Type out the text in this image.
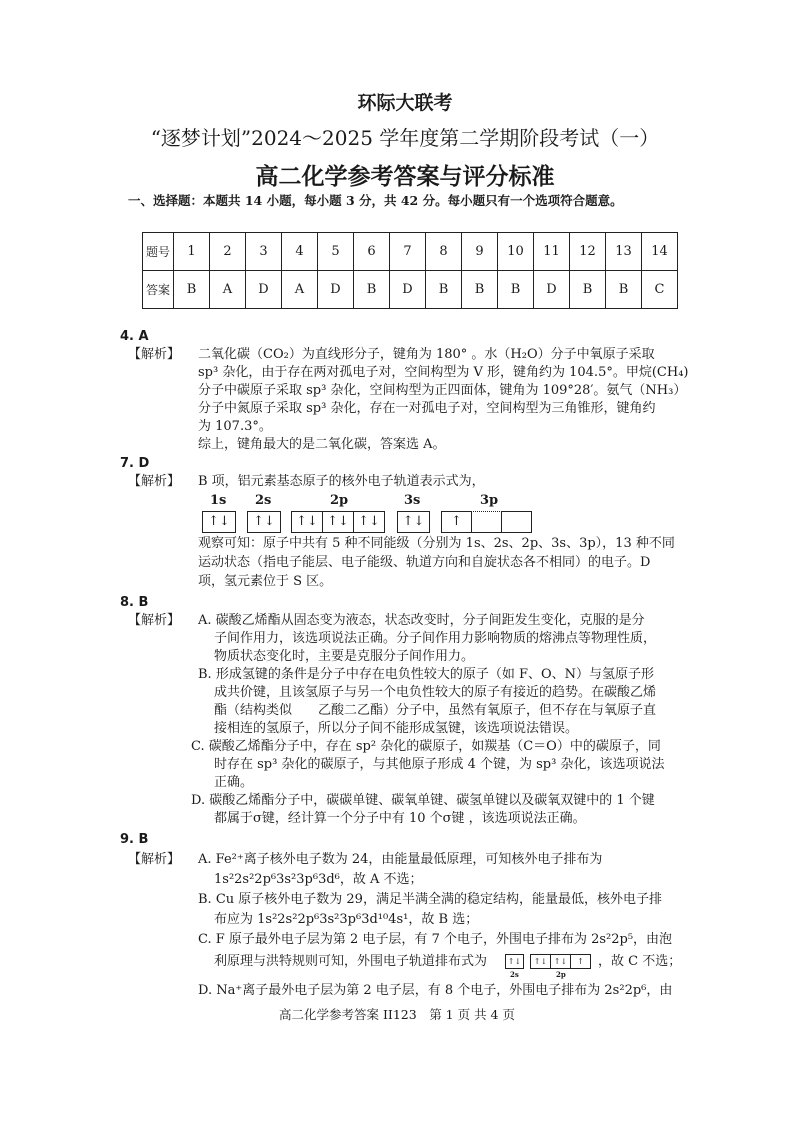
环际大联考
“逐梦计划”2024～2025 学年度第二学期阶段考试（一）
高二化学参考答案与评分标准
一、选择题：本题共 14 小题，每小题 3 分，共 42 分。每小题只有一个选项符合题意。
题号	1	2	3	4	5	6	7	8	9	10	11	12	13	14
答案	B	A	D	A	D	B	D	B	B	B	D	B	B	C
4. A
【解析】 二氧化碳（CO₂）为直线形分子，键角为 180° 。水（H₂O）分子中氧原子采取
sp³ 杂化，由于存在两对孤电子对，空间构型为 V 形，键角约为 104.5°。甲烷(CH₄)
分子中碳原子采取 sp³ 杂化，空间构型为正四面体，键角为 109°28′。氨气（NH₃）
分子中氮原子采取 sp³ 杂化，存在一对孤电子对，空间构型为三角锥形，键角约
为 107.3°。
综上，键角最大的是二氧化碳，答案选 A。
7. D
【解析】 B 项，铝元素基态原子的核外电子轨道表示式为，
1s 2s	2p	3s	3p
↑↓	↑↓	↑↓ ↑↓ ↑↓	↑↓	↑
观察可知：原子中共有 5 种不同能级（分别为 1s、2s、2p、3s、3p），13 种不同
运动状态（指电子能层、电子能级、轨道方向和自旋状态各不相同）的电子。D
项，氢元素位于 S 区。
8. B
【解析】 A. 碳酸乙烯酯从固态变为液态，状态改变时，分子间距发生变化，克服的是分
子间作用力，该选项说法正确。分子间作用力影响物质的熔沸点等物理性质，
物质状态变化时，主要是克服分子间作用力。
B. 形成氢键的条件是分子中存在电负性较大的原子（如 F、O、N）与氢原子形
成共价键，且该氢原子与另一个电负性较大的原子有接近的趋势。在碳酸乙烯
酯（结构类似　　乙酸二乙酯）分子中，虽然有氧原子，但不存在与氧原子直
接相连的氢原子，所以分子间不能形成氢键，该选项说法错误。
C. 碳酸乙烯酯分子中，存在 sp² 杂化的碳原子，如羰基（C＝O）中的碳原子，同
时存在 sp³ 杂化的碳原子，与其他原子形成 4 个键，为 sp³ 杂化，该选项说法
正确。
D. 碳酸乙烯酯分子中，碳碳单键、碳氧单键、碳氢单键以及碳氧双键中的 1 个键
都属于σ键，经计算一个分子中有 10 个σ键 ，该选项说法正确。
9. B
【解析】 A. Fe²⁺离子核外电子数为 24，由能量最低原理，可知核外电子排布为
1s²2s²2p⁶3s²3p⁶3d⁶，故 A 不选；
B. Cu 原子核外电子数为 29，满足半满全满的稳定结构，能量最低，核外电子排
布应为 1s²2s²2p⁶3s²3p⁶3d¹⁰4s¹，故 B 选；
C. F 原子最外电子层为第 2 电子层，有 7 个电子，外围电子排布为 2s²2p⁵，由泡
利原理与洪特规则可知，外围电子轨道排布式为	↑↓	↑↓ ↑↓	↑
2s	2p
，故 C 不选；
D. Na⁺离子最外电子层为第 2 电子层，有 8 个电子，外围电子排布为 2s²2p⁶，由
高二化学参考答案 II123　第 1 页 共 4 页
